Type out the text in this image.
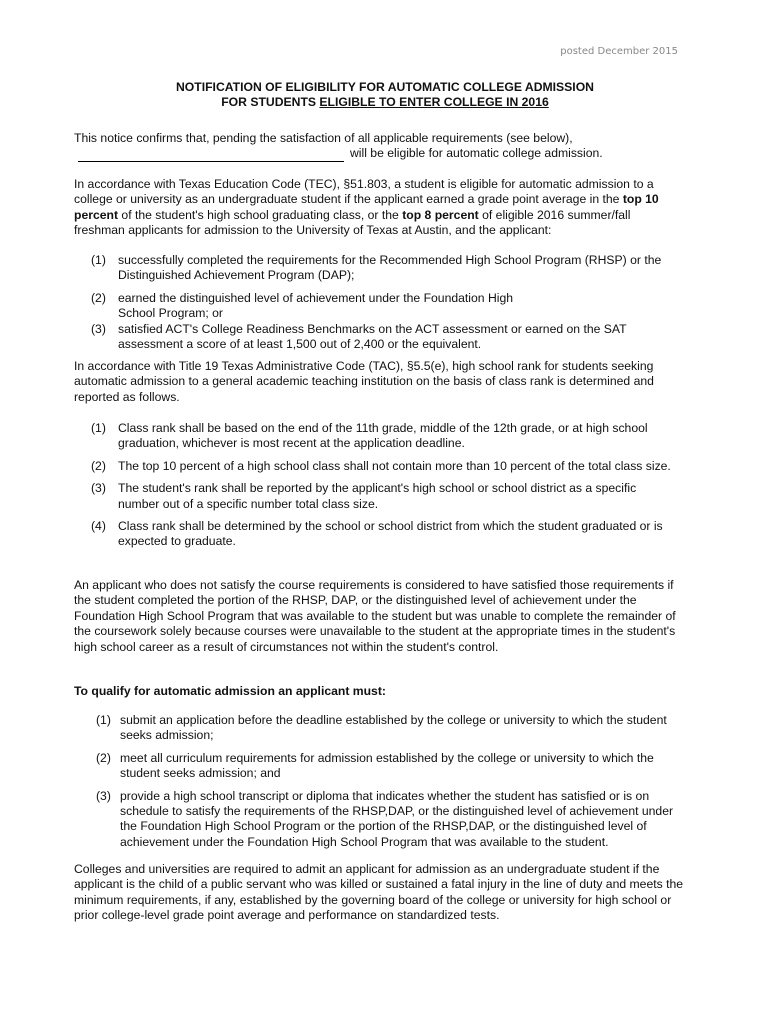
posted December 2015
NOTIFICATION OF ELIGIBILITY FOR AUTOMATIC COLLEGE ADMISSION
FOR STUDENTS ELIGIBLE TO ENTER COLLEGE IN 2016

This notice confirms that, pending the satisfaction of all applicable requirements (see below),

will be eligible for automatic college admission.

In accordance with Texas Education Code (TEC), §51.803, a student is eligible for automatic admission to a college or university as an undergraduate student if the applicant earned a grade point average in the top 10 percent of the student's high school graduating class, or the top 8 percent of eligible 2016 summer/fall freshman applicants for admission to the University of Texas at Austin, and the applicant:

(1) successfully completed the requirements for the Recommended High School Program (RHSP) or the Distinguished Achievement Program (DAP);
(2) earned the distinguished level of achievement under the Foundation High School Program; or
(3) satisfied ACT's College Readiness Benchmarks on the ACT assessment or earned on the SAT assessment a score of at least 1,500 out of 2,400 or the equivalent.

In accordance with Title 19 Texas Administrative Code (TAC), §5.5(e), high school rank for students seeking automatic admission to a general academic teaching institution on the basis of class rank is determined and reported as follows.

(1) Class rank shall be based on the end of the 11th grade, middle of the 12th grade, or at high school graduation, whichever is most recent at the application deadline.
(2) The top 10 percent of a high school class shall not contain more than 10 percent of the total class size.
(3) The student's rank shall be reported by the applicant's high school or school district as a specific number out of a specific number total class size.
(4) Class rank shall be determined by the school or school district from which the student graduated or is expected to graduate.

An applicant who does not satisfy the course requirements is considered to have satisfied those requirements if the student completed the portion of the RHSP, DAP, or the distinguished level of achievement under the Foundation High School Program that was available to the student but was unable to complete the remainder of the coursework solely because courses were unavailable to the student at the appropriate times in the student's high school career as a result of circumstances not within the student's control.

To qualify for automatic admission an applicant must:

(1) submit an application before the deadline established by the college or university to which the student seeks admission;
(2) meet all curriculum requirements for admission established by the college or university to which the student seeks admission; and
(3) provide a high school transcript or diploma that indicates whether the student has satisfied or is on schedule to satisfy the requirements of the RHSP,DAP, or the distinguished level of achievement under the Foundation High School Program or the portion of the RHSP,DAP, or the distinguished level of achievement under the Foundation High School Program that was available to the student.

Colleges and universities are required to admit an applicant for admission as an undergraduate student if the applicant is the child of a public servant who was killed or sustained a fatal injury in the line of duty and meets the minimum requirements, if any, established by the governing board of the college or university for high school or prior college-level grade point average and performance on standardized tests.
